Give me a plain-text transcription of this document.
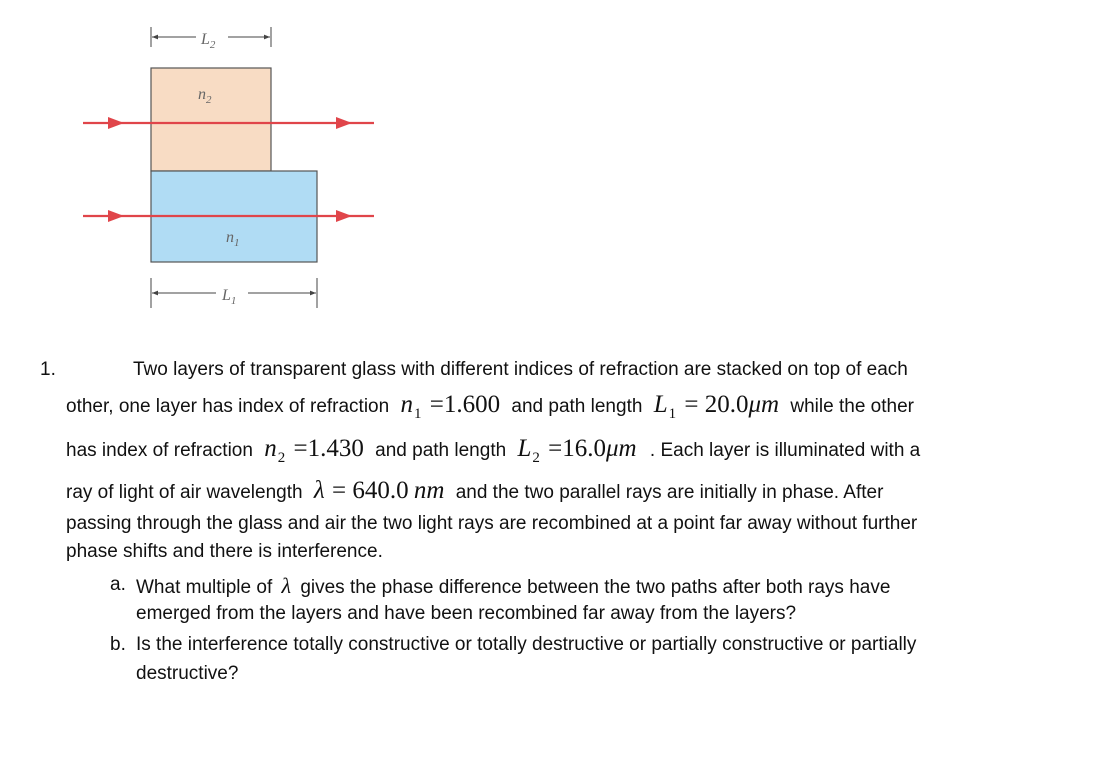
$L_2$
$n_2$
$n_1$
$L_1$
1.	Two layers of transparent glass with different indices of refraction are stacked on top of each
other, one layer has index of refraction $n_1 =1.600$ and path length $L_1 = 20.0\mu m$ while the other
has index of refraction $n_2 =1.430$ and path length $L_2 =16.0\mu m$ . Each layer is illuminated with a
ray of light of air wavelength λ = 640.0 nm and the two parallel rays are initially in phase. After
passing through the glass and air the two light rays are recombined at a point far away without further
phase shifts and there is interference.
a. What multiple of λ gives the phase difference between the two paths after both rays have
emerged from the layers and have been recombined far away from the layers?
b. Is the interference totally constructive or totally destructive or partially constructive or partially
destructive?
